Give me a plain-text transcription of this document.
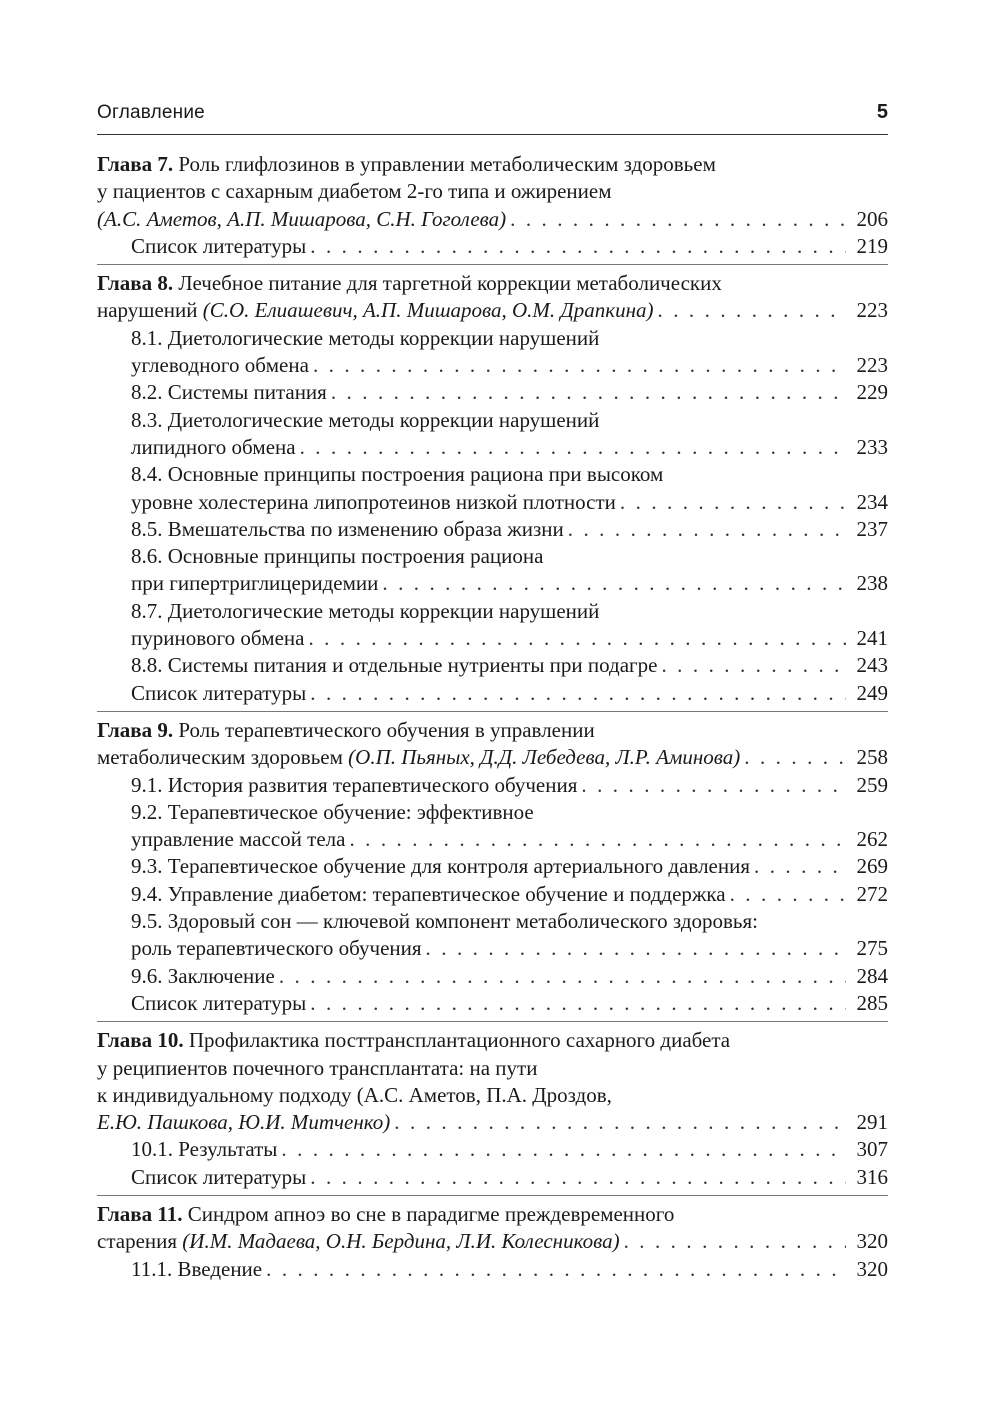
Оглавление	5
Глава 7. Роль глифлозинов в управлении метаболическим здоровьем
у пациентов с сахарным диабетом 2-го типа и ожирением
(А.С. Аметов, А.П. Мишарова, С.Н. Гоголева) . . .	206
Список литературы . . .	219
Глава 8. Лечебное питание для таргетной коррекции метаболических
нарушений (С.О. Елиашевич, А.П. Мишарова, О.М. Драпкина) . . .	223
8.1. Диетологические методы коррекции нарушений
углеводного обмена . . .	223
8.2. Системы питания . . .	229
8.3. Диетологические методы коррекции нарушений
липидного обмена . . .	233
8.4. Основные принципы построения рациона при высоком
уровне холестерина липопротеинов низкой плотности . . .	234
8.5. Вмешательства по изменению образа жизни . . .	237
8.6. Основные принципы построения рациона
при гипертриглицеридемии . . .	238
8.7. Диетологические методы коррекции нарушений
пуринового обмена . . .	241
8.8. Системы питания и отдельные нутриенты при подагре . . .	243
Список литературы . . .	249
Глава 9. Роль терапевтического обучения в управлении
метаболическим здоровьем (О.П. Пьяных, Д.Д. Лебедева, Л.Р. Аминова) . . .	258
9.1. История развития терапевтического обучения . . .	259
9.2. Терапевтическое обучение: эффективное
управление массой тела . . .	262
9.3. Терапевтическое обучение для контроля артериального давления . . .	269
9.4. Управление диабетом: терапевтическое обучение и поддержка . . .	272
9.5. Здоровый сон — ключевой компонент метаболического здоровья:
роль терапевтического обучения . . .	275
9.6. Заключение . . .	284
Список литературы . . .	285
Глава 10. Профилактика посттрансплантационного сахарного диабета
у реципиентов почечного трансплантата: на пути
к индивидуальному подходу (А.С. Аметов, П.А. Дроздов,
Е.Ю. Пашкова, Ю.И. Митченко) . . .	291
10.1. Результаты . . .	307
Список литературы . . .	316
Глава 11. Синдром апноэ во сне в парадигме преждевременного
старения (И.М. Мадаева, О.Н. Бердина, Л.И. Колесникова) . . .	320
11.1. Введение . . .	320
